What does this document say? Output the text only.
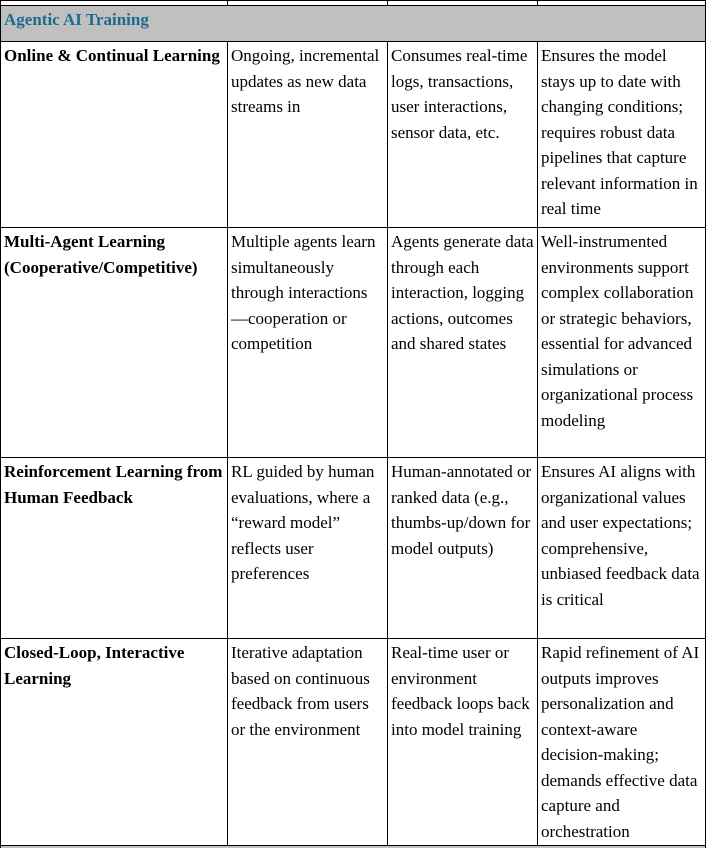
Agentic AI Training			
Online & Continual Learning	Ongoing, incremental updates as new data streams in	Consumes real-time logs, transactions, user interactions, sensor data, etc.	Ensures the model stays up to date with changing conditions; requires robust data pipelines that capture relevant information in real time
Multi-Agent Learning (Cooperative/Competitive)	Multiple agents learn simultaneously through interactions—⁠cooperation or competition	Agents generate data through each interaction, logging actions, outcomes and shared states	Well-instrumented environments support complex collaboration or strategic behaviors, essential for advanced simulations or organizational process modeling
Reinforcement Learning from Human Feedback	RL guided by human evaluations, where a “reward model” reflects user preferences	Human-annotated or ranked data (e.g., thumbs-up/down for model outputs)	Ensures AI aligns with organizational values and user expectations; comprehensive, unbiased feedback data is critical
Closed-Loop, Interactive Learning	Iterative adaptation based on continuous feedback from users or the environment	Real-time user or environment feedback loops back into model training	Rapid refinement of AI outputs improves personalization and context-aware decision-making; demands effective data capture and orchestration
